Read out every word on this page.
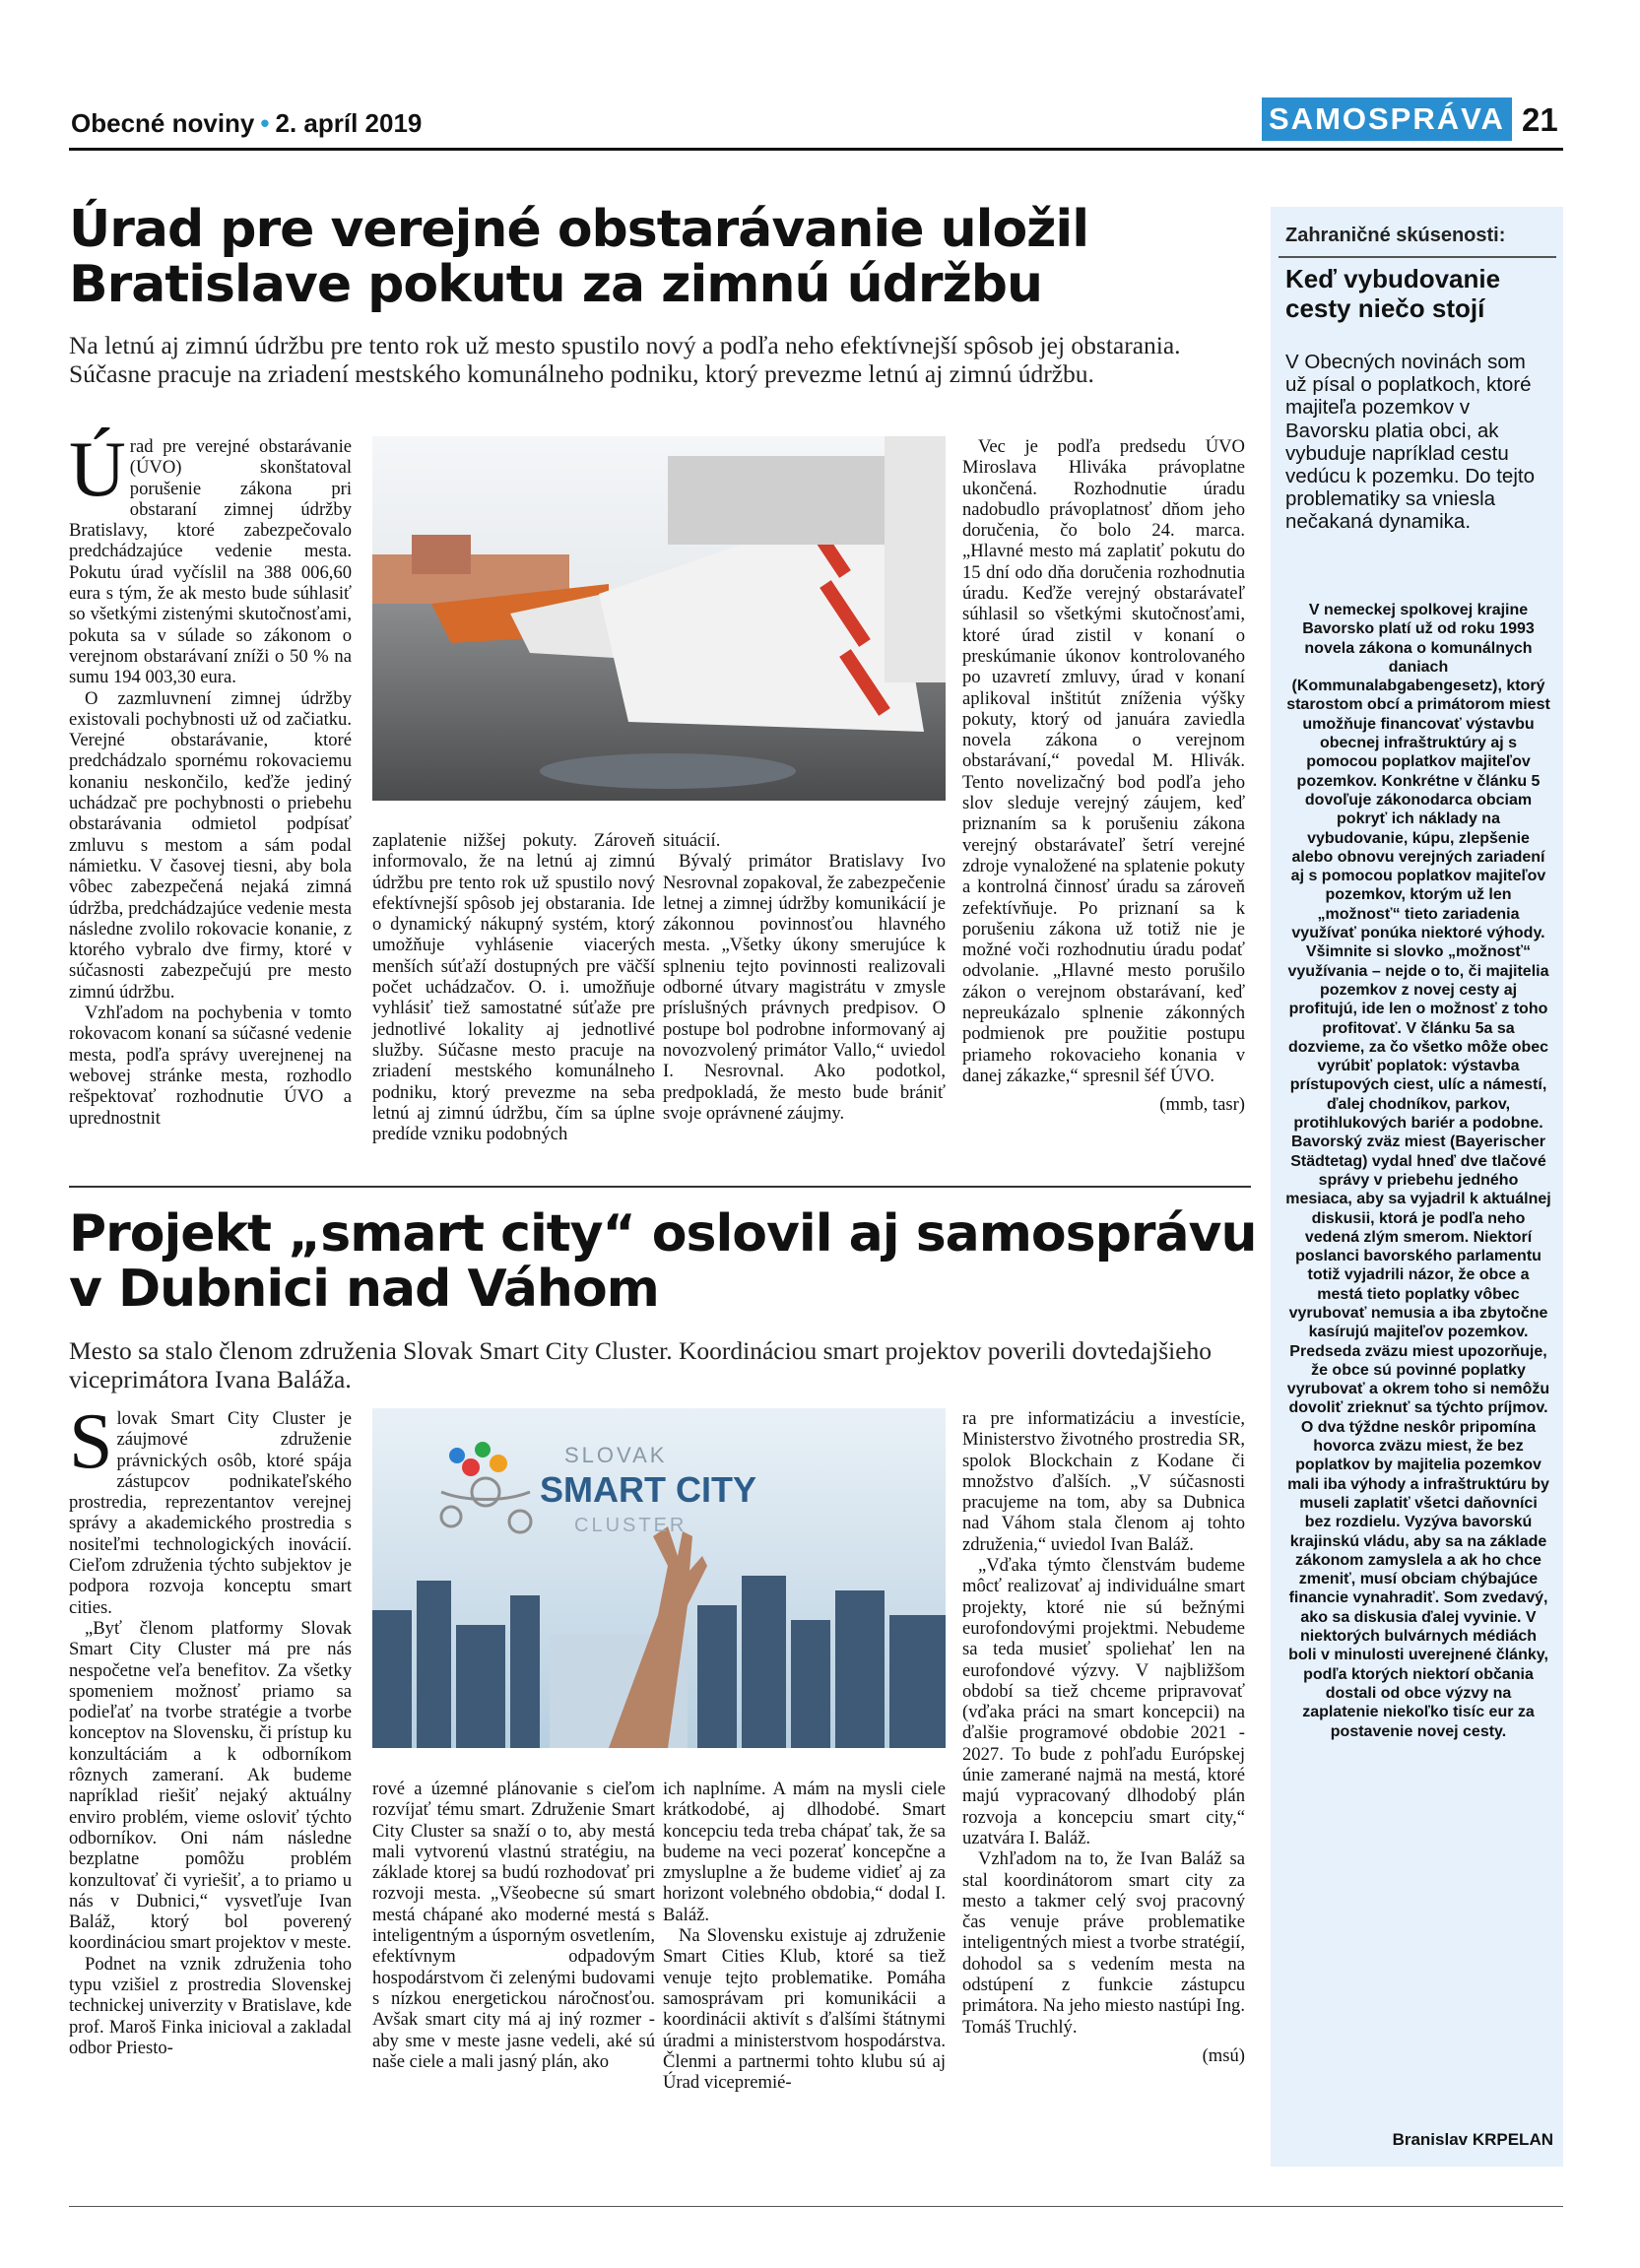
Obecné noviny • 2. apríl 2019	SAMOSPRÁVA 21
Úrad pre verejné obstarávanie uložil Bratislave pokutu za zimnú údržbu
Na letnú aj zimnú údržbu pre tento rok už mesto spustilo nový a podľa neho efektívnejší spôsob jej obstarania. Súčasne pracuje na zriadení mestského komunálneho podniku, ktorý prevezme letnú aj zimnú údržbu.
Ú rad pre verejné obstarávanie (ÚVO) skonštatoval porušenie zákona pri obstaraní zimnej údržby Bratislavy, ktoré zabezpečovalo predchádzajúce vedenie mesta. Pokutu úrad vyčíslil na 388 006,60 eura s tým, že ak mesto bude súhlasiť so všetkými zistenými skutočnosťami, pokuta sa v súlade so zákonom o verejnom obstarávaní zníži o 50 % na sumu 194 003,30 eura.

O zazmluvnení zimnej údržby existovali pochybnosti už od začiatku. Verejné obstarávanie, ktoré predchádzalo spornému rokovaciemu konaniu neskončilo, keďže jediný uchádzač pre pochybnosti o priebehu obstarávania odmietol podpísať zmluvu s mestom a sám podal námietku. V časovej tiesni, aby bola vôbec zabezpečená nejaká zimná údržba, predchádzajúce vedenie mesta následne zvolilo rokovacie konanie, z ktorého vybralo dve firmy, ktoré v súčasnosti zabezpečujú pre mesto zimnú údržbu.

Vzhľadom na pochybenia v tomto rokovacom konaní sa súčasné vedenie mesta, podľa správy uverejnenej na webovej stránke mesta, rozhodlo rešpektovať rozhodnutie ÚVO a uprednostnit

zaplatenie nižšej pokuty. Zároveň informovalo, že na letnú aj zimnú údržbu pre tento rok už spustilo nový efektívnejší spôsob jej obstarania. Ide o dynamický nákupný systém, ktorý umožňuje vyhlásenie viacerých menších súťaží dostupných pre väčší počet uchádzačov. O. i. umožňuje vyhlásiť tiež samostatné súťaže pre jednotlivé lokality aj jednotlivé služby. Súčasne mesto pracuje na zriadení mestského komunálneho podniku, ktorý prevezme na seba letnú aj zimnú údržbu, čím sa úplne predíde vzniku podobných

situácií.

Bývalý primátor Bratislavy Ivo Nesrovnal zopakoval, že zabezpečenie letnej a zimnej údržby komunikácií je zákonnou povinnosťou hlavného mesta. „Všetky úkony smerujúce k splneniu tejto povinnosti realizovali odborné útvary magistrátu v zmysle príslušných právnych predpisov. O postupe bol podrobne informovaný aj novozvolený primátor Vallo,“ uviedol I. Nesrovnal. Ako podotkol, predpokladá, že mesto bude brániť svoje oprávnené záujmy.

Vec je podľa predsedu ÚVO Miroslava Hliváka právoplatne ukončená. Rozhodnutie úradu nadobudlo právoplatnosť dňom jeho doručenia, čo bolo 24. marca. „Hlavné mesto má zaplatiť pokutu do 15 dní odo dňa doručenia rozhodnutia úradu. Keďže verejný obstarávateľ súhlasil so všetkými skutočnosťami, ktoré úrad zistil v konaní o preskúmanie úkonov kontrolovaného po uzavretí zmluvy, úrad v konaní aplikoval inštitút zníženia výšky pokuty, ktorý od januára zaviedla novela zákona o verejnom obstarávaní,“ povedal M. Hlivák. Tento novelizačný bod podľa jeho slov sleduje verejný záujem, keď priznaním sa k porušeniu zákona verejný obstarávateľ šetrí verejné zdroje vynaložené na splatenie pokuty a kontrolná činnosť úradu sa zároveň zefektívňuje. Po priznaní sa k porušeniu zákona už totiž nie je možné voči rozhodnutiu úradu podať odvolanie. „Hlavné mesto porušilo zákon o verejnom obstarávaní, keď nepreukázalo splnenie zákonných podmienok pre použitie postupu priameho rokovacieho konania v danej zákazke,“ spresnil šéf ÚVO.

(mmb, tasr)

Projekt „smart city“ oslovil aj samosprávu v Dubnici nad Váhom
Mesto sa stalo členom združenia Slovak Smart City Cluster. Koordináciou smart projektov poverili dovtedajšieho viceprimátora Ivana Baláža.
S lovak Smart City Cluster je záujmové združenie právnických osôb, ktoré spája zástupcov podnikateľského prostredia, reprezentantov verejnej správy a akademického prostredia s nositeľmi technologických inovácií. Cieľom združenia týchto subjektov je podpora rozvoja konceptu smart cities.

„Byť členom platformy Slovak Smart City Cluster má pre nás nespočetne veľa benefitov. Za všetky spomeniem možnosť priamo sa podieľať na tvorbe stratégie a tvorbe konceptov na Slovensku, či prístup ku konzultáciám a k odborníkom rôznych zameraní. Ak budeme napríklad riešiť nejaký aktuálny enviro problém, vieme osloviť týchto odborníkov. Oni nám následne bezplatne pomôžu problém konzultovať či vyriešiť, a to priamo u nás v Dubnici,“ vysvetľuje Ivan Baláž, ktorý bol poverený koordináciou smart projektov v meste.

Podnet na vznik združenia toho typu vzišiel z prostredia Slovenskej technickej univerzity v Bratislave, kde prof. Maroš Finka inicioval a zakladal odbor Priesto-

SLOVAK
SMART CITY
CLUSTER

rové a územné plánovanie s cieľom rozvíjať tému smart. Združenie Smart City Cluster sa snaží o to, aby mestá mali vytvorenú vlastnú stratégiu, na základe ktorej sa budú rozhodovať pri rozvoji mesta. „Všeobecne sú smart mestá chápané ako moderné mestá s inteligentným a úsporným osvetlením, efektívnym odpadovým hospodárstvom či zelenými budovami s nízkou energetickou náročnosťou. Avšak smart city má aj iný rozmer - aby sme v meste jasne vedeli, aké sú naše ciele a mali jasný plán, ako

ich naplníme. A mám na mysli ciele krátkodobé, aj dlhodobé. Smart koncepciu teda treba chápať tak, že sa budeme na veci pozerať koncepčne a zmysluplne a že budeme vidieť aj za horizont volebného obdobia,“ dodal I. Baláž.

Na Slovensku existuje aj združenie Smart Cities Klub, ktoré sa tiež venuje tejto problematike. Pomáha samosprávam pri komunikácii a koordinácii aktivít s ďalšími štátnymi úradmi a ministerstvom hospodárstva. Členmi a partnermi tohto klubu sú aj Úrad vicepremié-

ra pre informatizáciu a investície, Ministerstvo životného prostredia SR, spolok Blockchain z Kodane či množstvo ďalších. „V súčasnosti pracujeme na tom, aby sa Dubnica nad Váhom stala členom aj tohto združenia,“ uviedol Ivan Baláž.

„Vďaka týmto členstvám budeme môcť realizovať aj individuálne smart projekty, ktoré nie sú bežnými eurofondovými projektmi. Nebudeme sa teda musieť spoliehať len na eurofondové výzvy. V najbližšom období sa tiež chceme pripravovať (vďaka práci na smart koncepcii) na ďalšie programové obdobie 2021 - 2027. To bude z pohľadu Európskej únie zamerané najmä na mestá, ktoré majú vypracovaný dlhodobý plán rozvoja a koncepciu smart city,“ uzatvára I. Baláž.

Vzhľadom na to, že Ivan Baláž sa stal koordinátorom smart city za mesto a takmer celý svoj pracovný čas venuje práve problematike inteligentných miest a tvorbe stratégií, dohodol sa s vedením mesta na odstúpení z funkcie zástupcu primátora. Na jeho miesto nastúpi Ing. Tomáš Truchlý.

(msú)

Zahraničné skúsenosti:
Keď vybudovanie cesty niečo stojí
V Obecných novinách som už písal o poplatkoch, ktoré majiteľa pozemkov v Bavorsku platia obci, ak vybuduje napríklad cestu vedúcu k pozemku. Do tejto problematiky sa vniesla nečakaná dynamika.
V nemeckej spolkovej krajine Bavorsko platí už od roku 1993 novela zákona o komunálnych daniach (Kommunalabgabengesetz), ktorý starostom obcí a primátorom miest umožňuje financovať výstavbu obecnej infraštruktúry aj s pomocou poplatkov majiteľov pozemkov. Konkrétne v článku 5 dovoľuje zákonodarca obciam pokryť ich náklady na vybudovanie, kúpu, zlepšenie alebo obnovu verejných zariadení aj s pomocou poplatkov majiteľov pozemkov, ktorým už len „možnosť“ tieto zariadenia využívať ponúka niektoré výhody. Všimnite si slovko „možnosť“ využívania – nejde o to, či majitelia pozemkov z novej cesty aj profitujú, ide len o možnosť z toho profitovať. V článku 5a sa dozvieme, za čo všetko môže obec vyrúbiť poplatok: výstavba prístupových ciest, ulíc a námestí, ďalej chodníkov, parkov, protihlukových bariér a podobne. Bavorský zväz miest (Bayerischer Städtetag) vydal hneď dve tlačové správy v priebehu jedného mesiaca, aby sa vyjadril k aktuálnej diskusii, ktorá je podľa neho vedená zlým smerom. Niektorí poslanci bavorského parlamentu totiž vyjadrili názor, že obce a mestá tieto poplatky vôbec vyrubovať nemusia a iba zbytočne kasírujú majiteľov pozemkov. Predseda zväzu miest upozorňuje, že obce sú povinné poplatky vyrubovať a okrem toho si nemôžu dovoliť zrieknuť sa týchto príjmov. O dva týždne neskôr pripomína hovorca zväzu miest, že bez poplatkov by majitelia pozemkov mali iba výhody a infraštruktúru by museli zaplatiť všetci daňovníci bez rozdielu. Vyzýva bavorskú krajinskú vládu, aby sa na základe zákonom zamyslela a ak ho chce zmeniť, musí obciam chýbajúce financie vynahradiť. Som zvedavý, ako sa diskusia ďalej vyvinie. V niektorých bulvárnych médiách boli v minulosti uverejnené články, podľa ktorých niektorí občania dostali od obce výzvy na zaplatenie niekoľko tisíc eur za postavenie novej cesty.
Branislav KRPELAN
